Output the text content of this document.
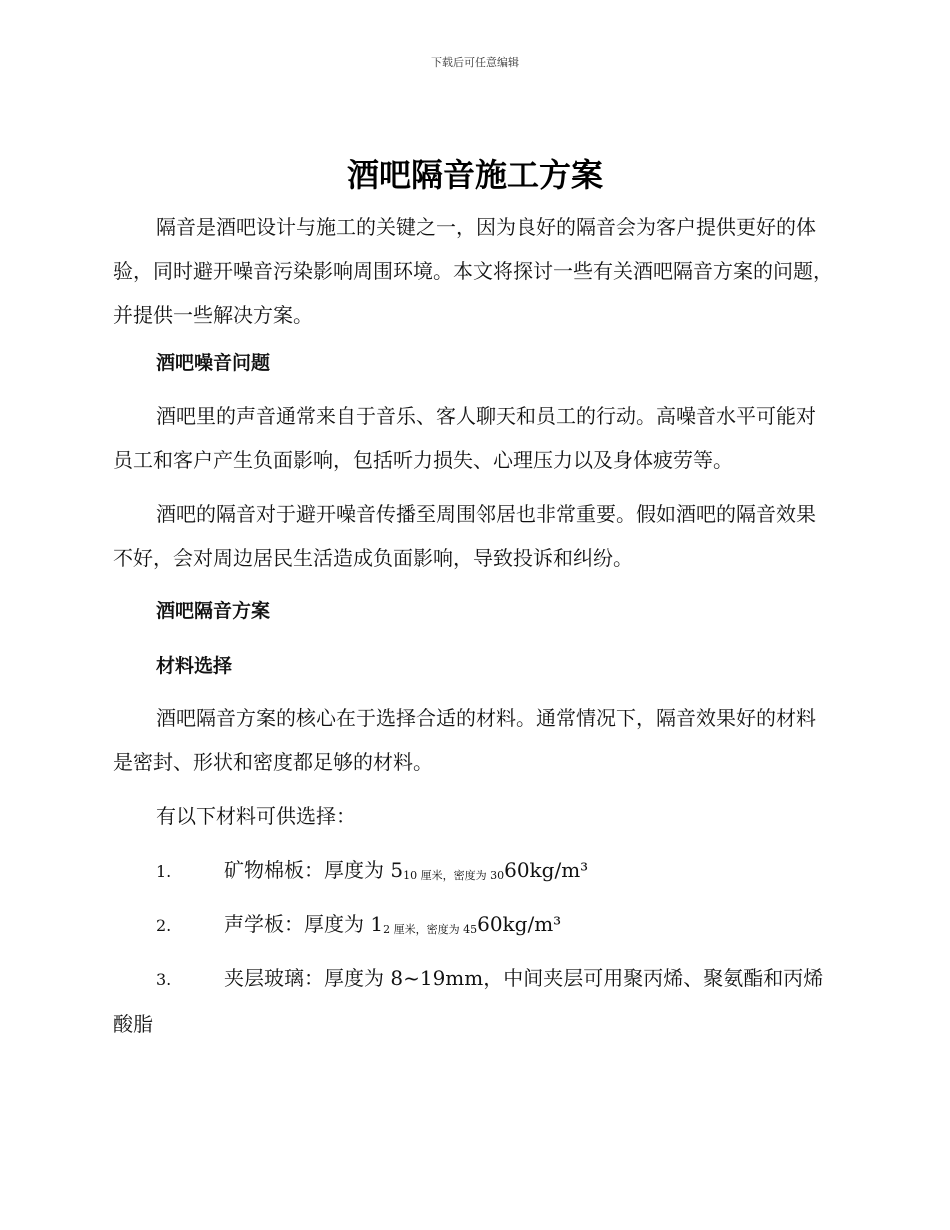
下载后可任意编辑
酒吧隔音施工方案

隔音是酒吧设计与施工的关键之一，因为良好的隔音会为客户提供更好的体验，同时避开噪音污染影响周围环境。本文将探讨一些有关酒吧隔音方案的问题，并提供一些解决方案。

酒吧噪音问题

酒吧里的声音通常来自于音乐、客人聊天和员工的行动。高噪音水平可能对员工和客户产生负面影响，包括听力损失、心理压力以及身体疲劳等。

酒吧的隔音对于避开噪音传播至周围邻居也非常重要。假如酒吧的隔音效果不好，会对周边居民生活造成负面影响，导致投诉和纠纷。

酒吧隔音方案

材料选择

酒吧隔音方案的核心在于选择合适的材料。通常情况下，隔音效果好的材料是密封、形状和密度都足够的材料。

有以下材料可供选择：

1.	矿物棉板：厚度为 510 厘米，密度为 3060kg/m³

2.	声学板：厚度为 12 厘米，密度为 4560kg/m³

3.	夹层玻璃：厚度为 8~19mm，中间夹层可用聚丙烯、聚氨酯和丙烯酸脂
